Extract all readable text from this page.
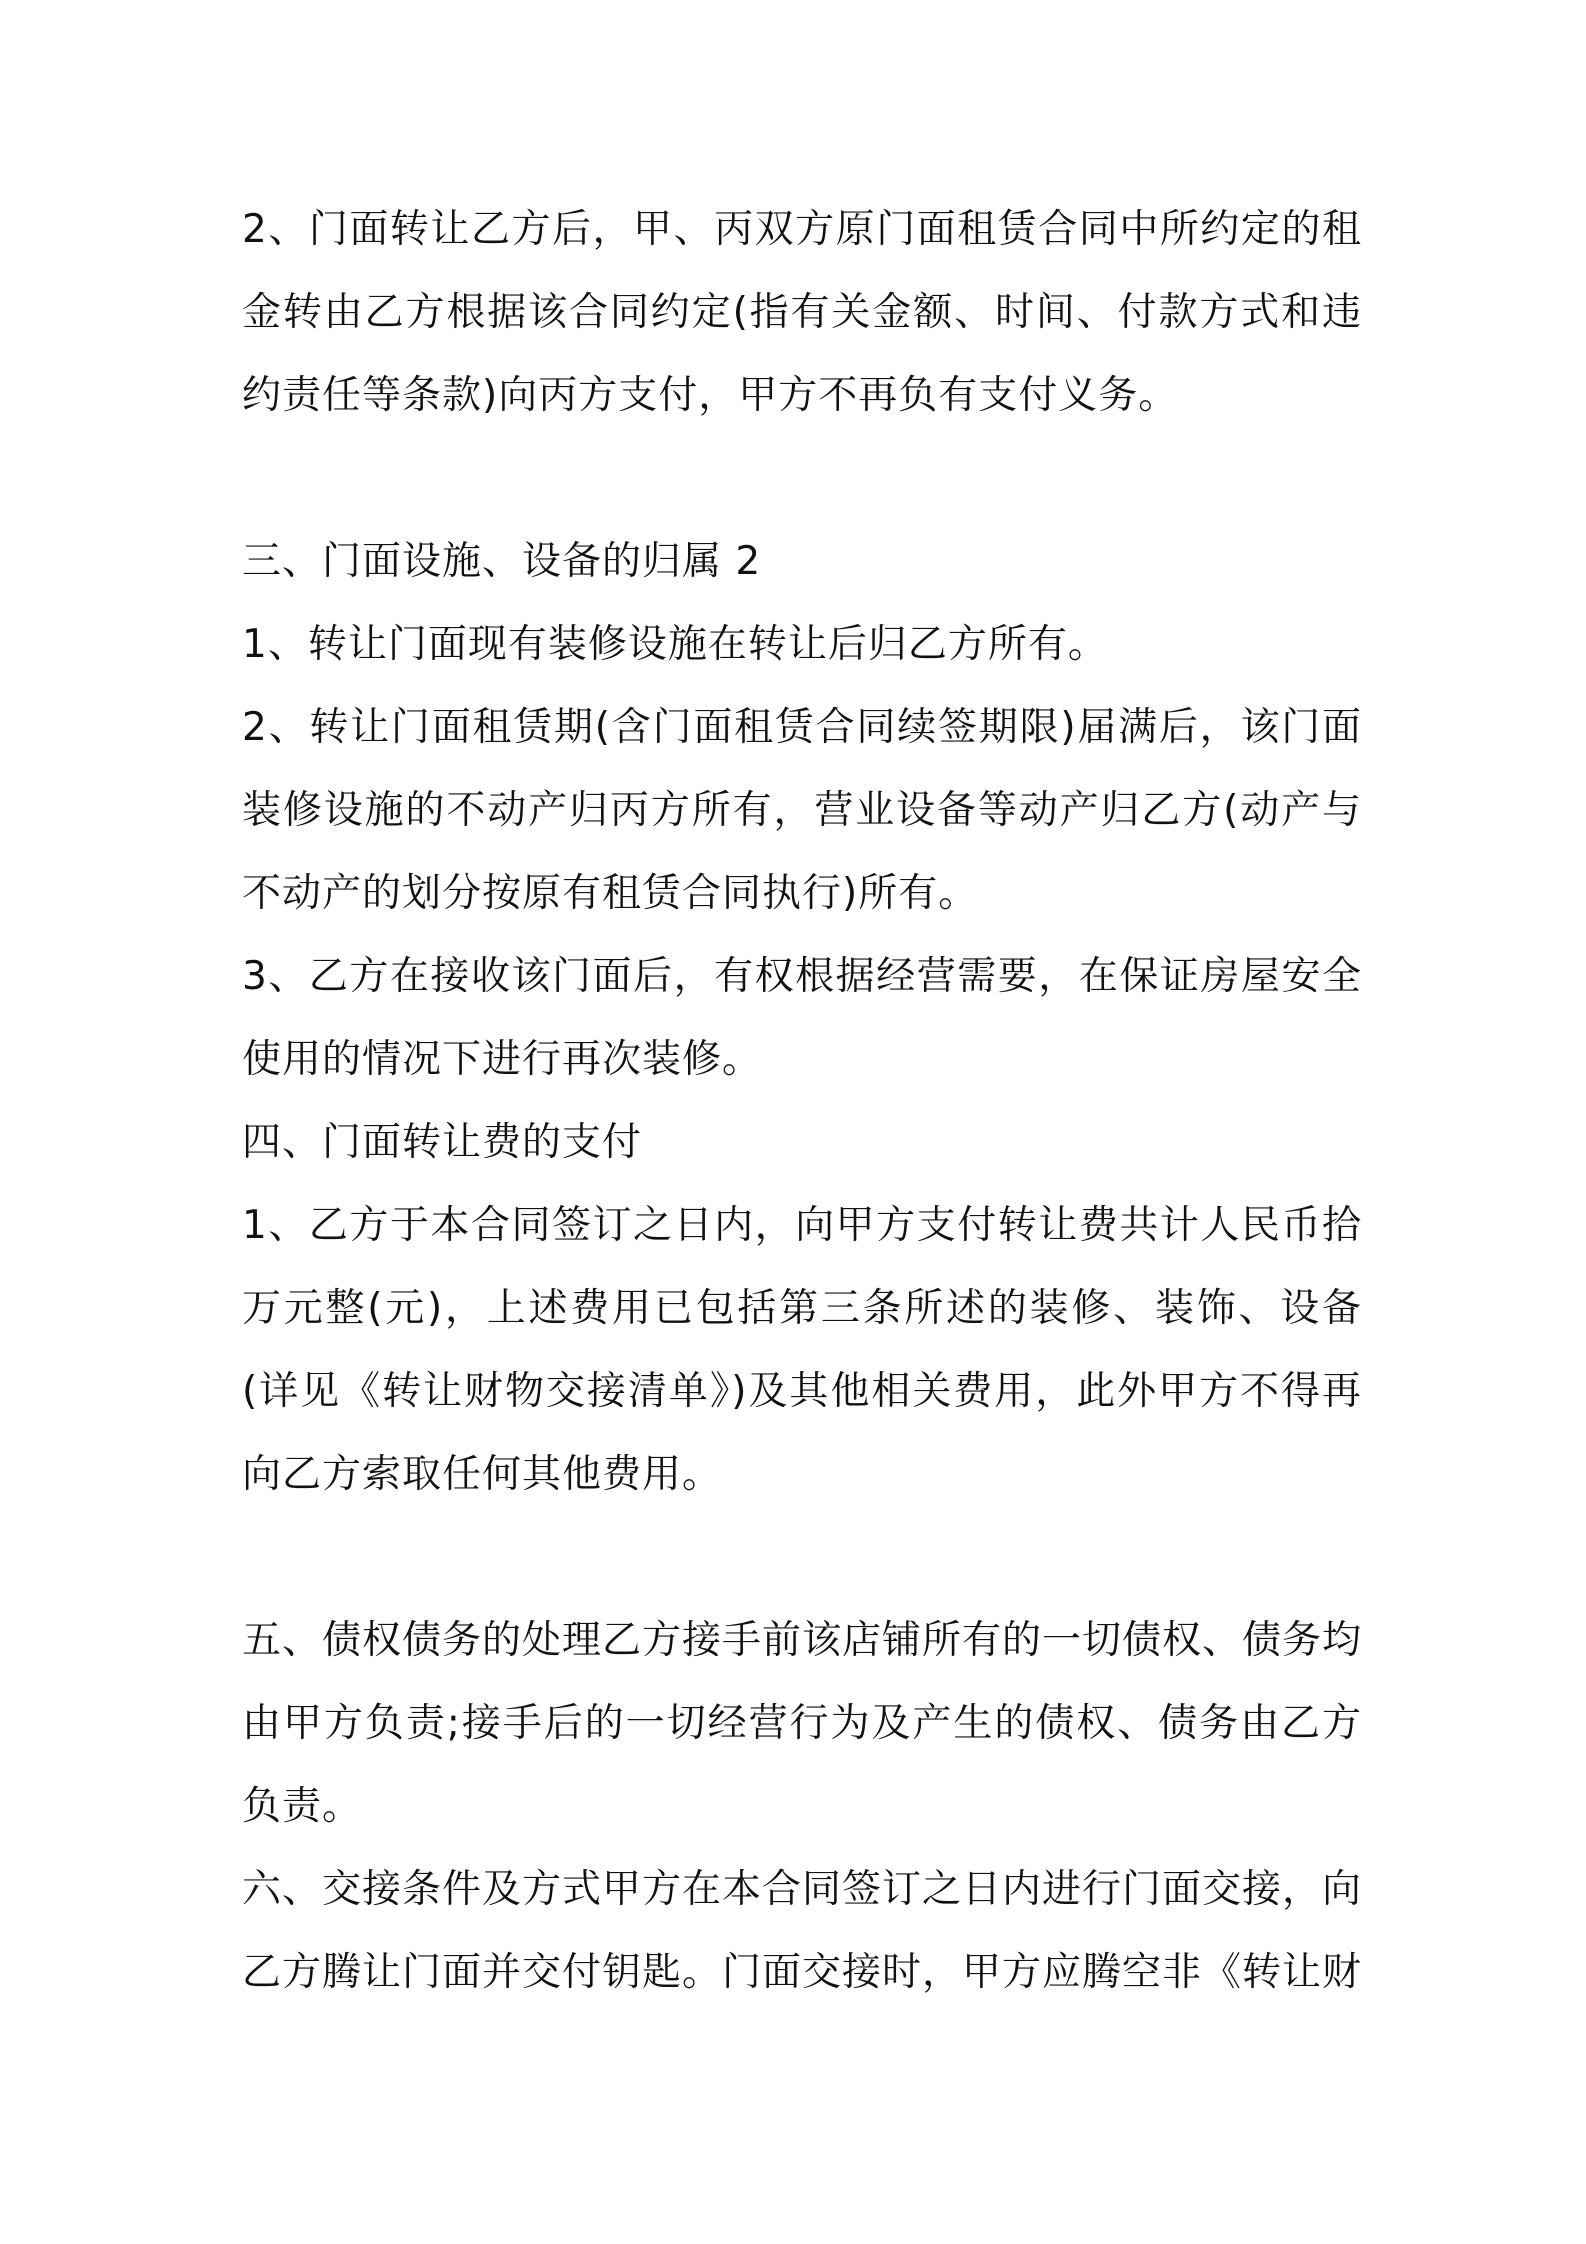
2、门面转让乙方后，甲、丙双方原门面租赁合同中所约定的租金转由乙方根据该合同约定(指有关金额、时间、付款方式和违约责任等条款)向丙方支付，甲方不再负有支付义务。

三、门面设施、设备的归属 2

1、转让门面现有装修设施在转让后归乙方所有。

2、转让门面租赁期(含门面租赁合同续签期限)届满后，该门面装修设施的不动产归丙方所有，营业设备等动产归乙方(动产与不动产的划分按原有租赁合同执行)所有。

3、乙方在接收该门面后，有权根据经营需要，在保证房屋安全使用的情况下进行再次装修。

四、门面转让费的支付

1、乙方于本合同签订之日内，向甲方支付转让费共计人民币拾万元整(元)，上述费用已包括第三条所述的装修、装饰、设备(详见《转让财物交接清单》)及其他相关费用，此外甲方不得再向乙方索取任何其他费用。

五、债权债务的处理乙方接手前该店铺所有的一切债权、债务均由甲方负责;接手后的一切经营行为及产生的债权、债务由乙方负责。

六、交接条件及方式甲方在本合同签订之日内进行门面交接，向乙方腾让门面并交付钥匙。门面交接时，甲方应腾空非《转让财
